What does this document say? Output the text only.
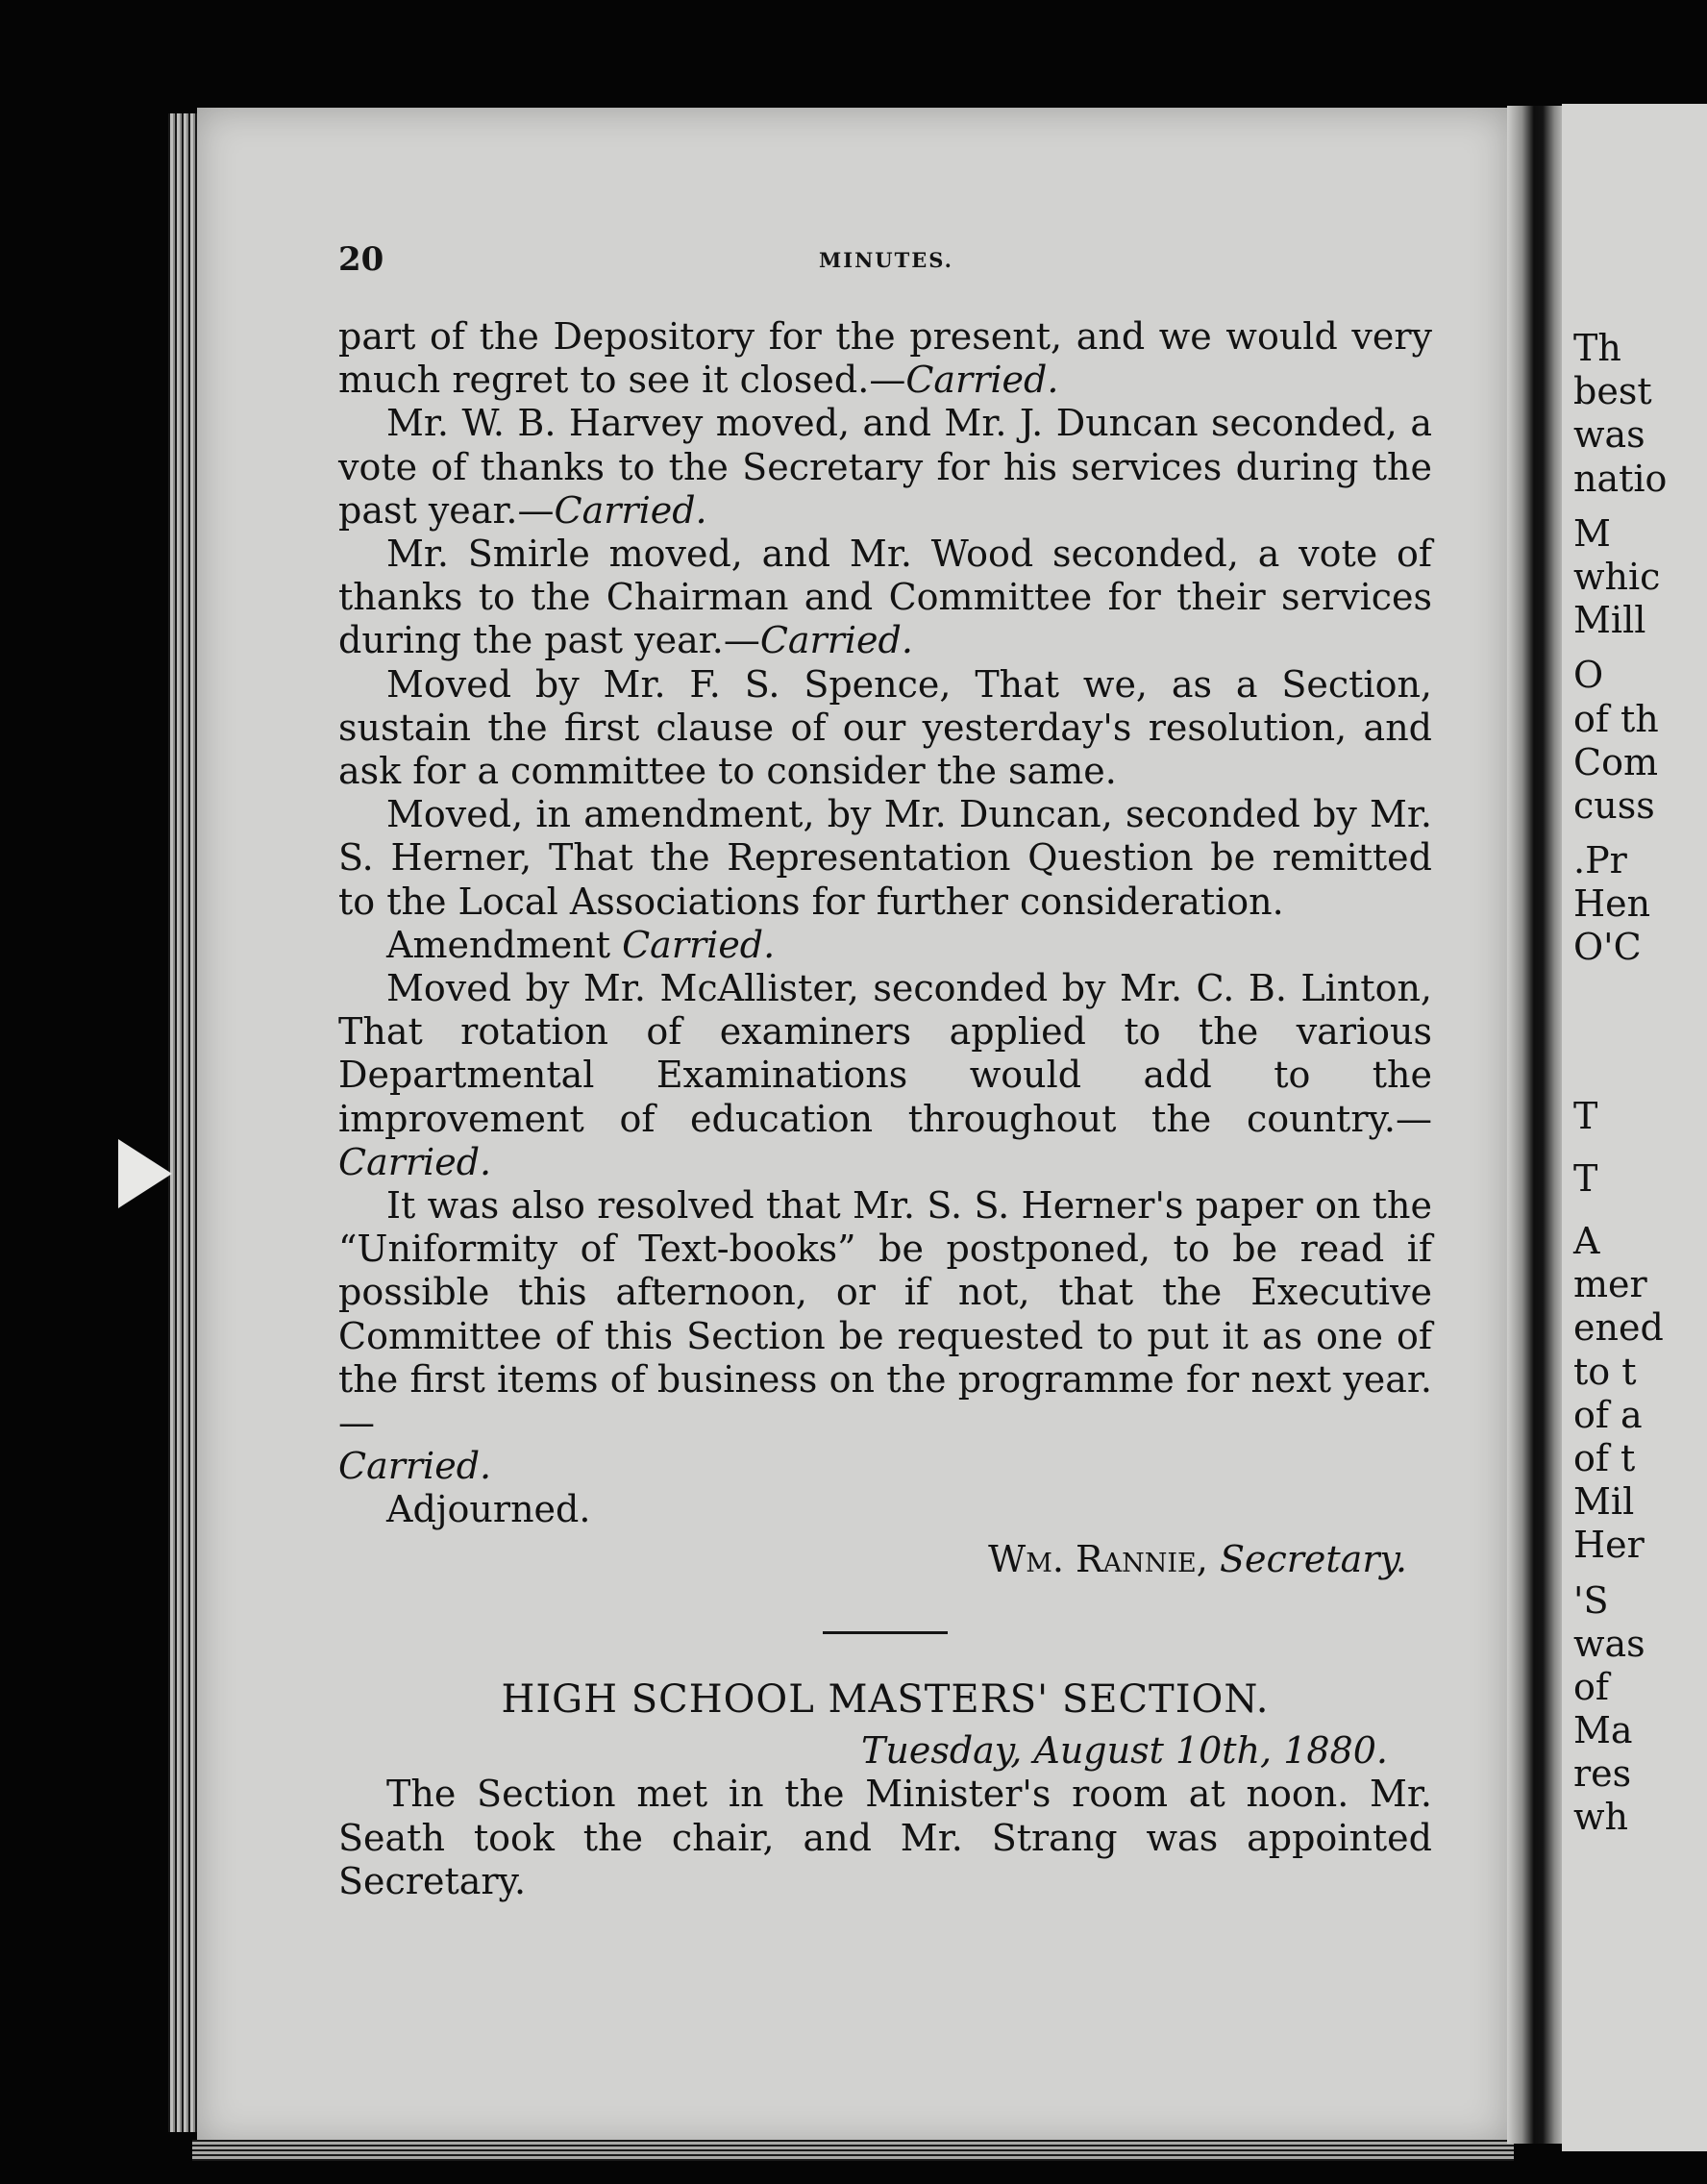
Th
best
was
natio
M
whic
Mill
O
of th
Com
cuss
.Pr
Hen
O'C
T
T
A
mer
ened
to t
of a
of t
Mil
Her
'S
was
of
Ma
res
wh
20	MINUTES.

part of the Depository for the present, and we would very much regret to see it closed.—Carried.

Mr. W. B. Harvey moved, and Mr. J. Duncan seconded, a vote of thanks to the Secretary for his services during the past year.—Carried.

Mr. Smirle moved, and Mr. Wood seconded, a vote of thanks to the Chairman and Committee for their services during the past year.—Carried.

Moved by Mr. F. S. Spence, That we, as a Section, sustain the first clause of our yesterday's resolution, and ask for a committee to consider the same.

Moved, in amendment, by Mr. Duncan, seconded by Mr. S. Herner, That the Representation Question be remitted to the Local Associations for further consideration.

Amendment Carried.

Moved by Mr. McAllister, seconded by Mr. C. B. Linton, That rotation of examiners applied to the various Departmental Examinations would add to the improvement of education throughout the country.—Carried.

It was also resolved that Mr. S. S. Herner's paper on the “Uniformity of Text-books” be postponed, to be read if possible this afternoon, or if not, that the Executive Committee of this Section be requested to put it as one of the first items of business on the programme for next year.—
Carried.

Adjourned.

Wm. Rannie, Secretary.

HIGH SCHOOL MASTERS' SECTION.

Tuesday, August 10th, 1880.

The Section met in the Minister's room at noon. Mr. Seath took the chair, and Mr. Strang was appointed Secretary.
